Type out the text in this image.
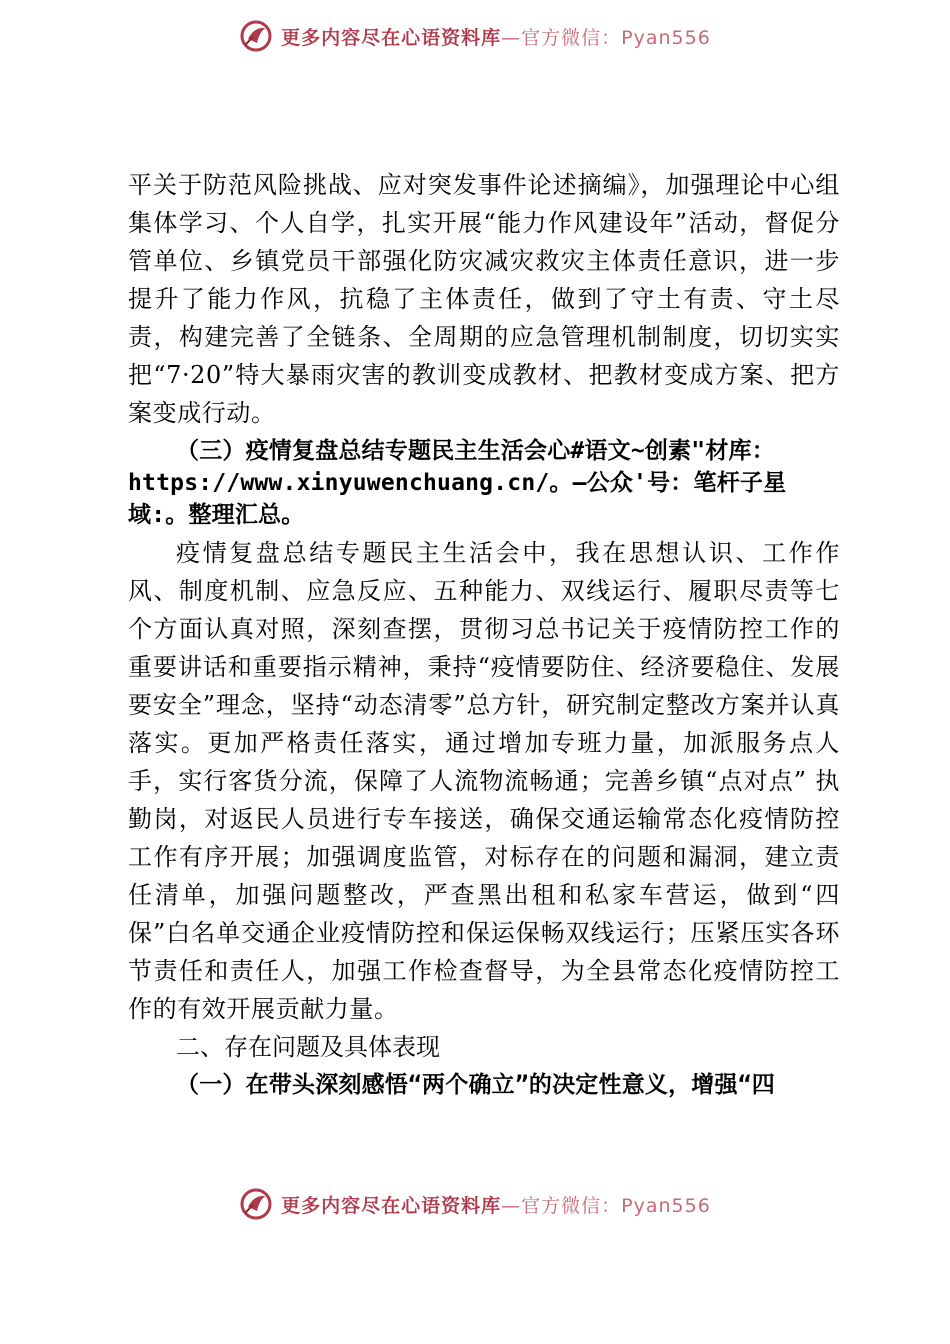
更多内容尽在心语资料库—官方微信：Pyan556

平关于防范风险挑战、应对突发事件论述摘编》，加强理论中心组集体学习、个人自学，扎实开展“能力作风建设年”活动，督促分管单位、乡镇党员干部强化防灾减灾救灾主体责任意识，进一步提升了能力作风，抗稳了主体责任，做到了守土有责、守土尽责，构建完善了全链条、全周期的应急管理机制制度，切切实实把“7·20”特大暴雨灾害的教训变成教材、把教材变成方案、把方案变成行动。

（三）疫情复盘总结专题民主生活会心#语文~创素"材库：https://www.xinyuwenchuang.cn/。—公众'号：笔杆子星域:。整理汇总。

疫情复盘总结专题民主生活会中，我在思想认识、工作作风、制度机制、应急反应、五种能力、双线运行、履职尽责等七个方面认真对照，深刻查摆，贯彻习总书记关于疫情防控工作的重要讲话和重要指示精神，秉持“疫情要防住、经济要稳住、发展要安全”理念，坚持“动态清零”总方针，研究制定整改方案并认真落实。更加严格责任落实，通过增加专班力量，加派服务点人手，实行客货分流，保障了人流物流畅通；完善乡镇“点对点” 执勤岗，对返民人员进行专车接送，确保交通运输常态化疫情防控工作有序开展；加强调度监管，对标存在的问题和漏洞，建立责任清单，加强问题整改，严查黑出租和私家车营运，做到“四保”白名单交通企业疫情防控和保运保畅双线运行；压紧压实各环节责任和责任人，加强工作检查督导，为全县常态化疫情防控工作的有效开展贡献力量。

二、存在问题及具体表现

（一）在带头深刻感悟“两个确立”的决定性意义，增强“四

更多内容尽在心语资料库—官方微信：Pyan556
